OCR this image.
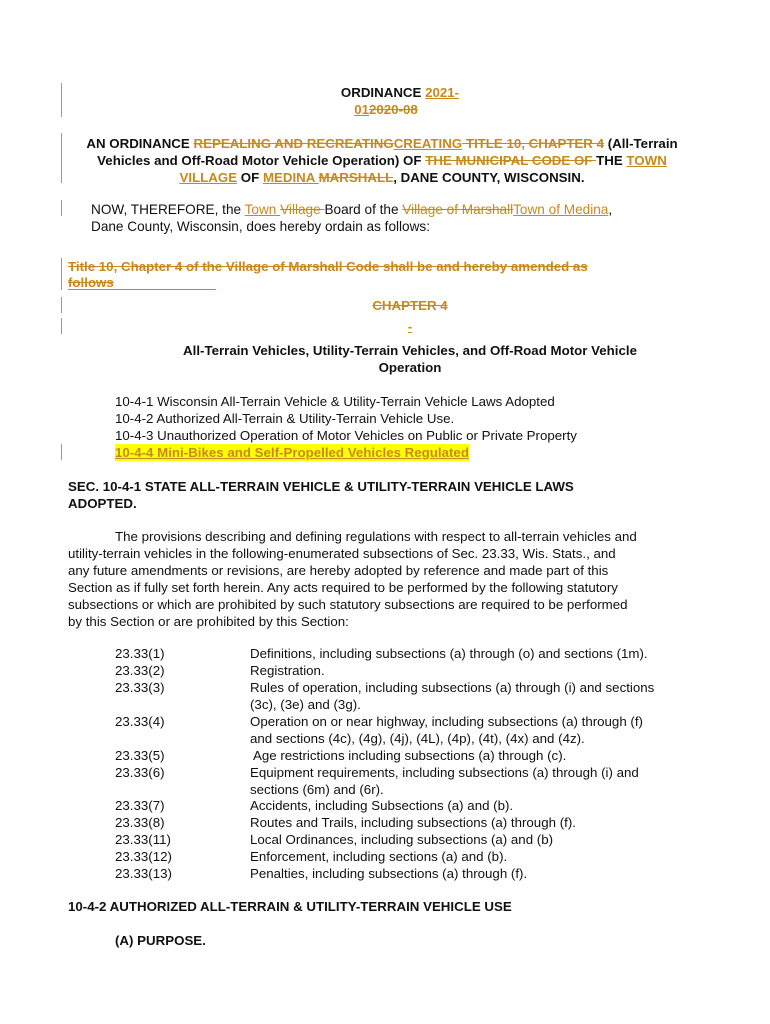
ORDINANCE 2021-
012020-08
AN ORDINANCE REPEALING AND RECREATINGCREATING TITLE 10, CHAPTER 4 (All-Terrain
Vehicles and Off-Road Motor Vehicle Operation) OF THE MUNICIPAL CODE OF THE TOWN
VILLAGE OF MEDINA MARSHALL, DANE COUNTY, WISCONSIN.
NOW, THEREFORE, the Town Village Board of the Village of MarshallTown of Medina,
Dane County, Wisconsin, does hereby ordain as follows:
Title 10, Chapter 4 of the Village of Marshall Code shall be and hereby amended as
follows
CHAPTER 4
-
All-Terrain Vehicles, Utility-Terrain Vehicles, and Off-Road Motor Vehicle
Operation
10-4-1 Wisconsin All-Terrain Vehicle & Utility-Terrain Vehicle Laws Adopted
10-4-2 Authorized All-Terrain & Utility-Terrain Vehicle Use.
10-4-3 Unauthorized Operation of Motor Vehicles on Public or Private Property
10-4-4 Mini-Bikes and Self-Propelled Vehicles Regulated
SEC. 10-4-1 STATE ALL-TERRAIN VEHICLE & UTILITY-TERRAIN VEHICLE LAWS
ADOPTED.
The provisions describing and defining regulations with respect to all-terrain vehicles and
utility-terrain vehicles in the following-enumerated subsections of Sec. 23.33, Wis. Stats., and
any future amendments or revisions, are hereby adopted by reference and made part of this
Section as if fully set forth herein. Any acts required to be performed by the following statutory
subsections or which are prohibited by such statutory subsections are required to be performed
by this Section or are prohibited by this Section:
23.33(1)	Definitions, including subsections (a) through (o) and sections (1m).
23.33(2)	Registration.
23.33(3)	Rules of operation, including subsections (a) through (i) and sections
(3c), (3e) and (3g).
23.33(4)	Operation on or near highway, including subsections (a) through (f)
and sections (4c), (4g), (4j), (4L), (4p), (4t), (4x) and (4z).
23.33(5)	Age restrictions including subsections (a) through (c).
23.33(6)	Equipment requirements, including subsections (a) through (i) and
sections (6m) and (6r).
23.33(7)	Accidents, including Subsections (a) and (b).
23.33(8)	Routes and Trails, including subsections (a) through (f).
23.33(11)	Local Ordinances, including subsections (a) and (b)
23.33(12)	Enforcement, including sections (a) and (b).
23.33(13)	Penalties, including subsections (a) through (f).
10-4-2 AUTHORIZED ALL-TERRAIN & UTILITY-TERRAIN VEHICLE USE
(A) PURPOSE.
